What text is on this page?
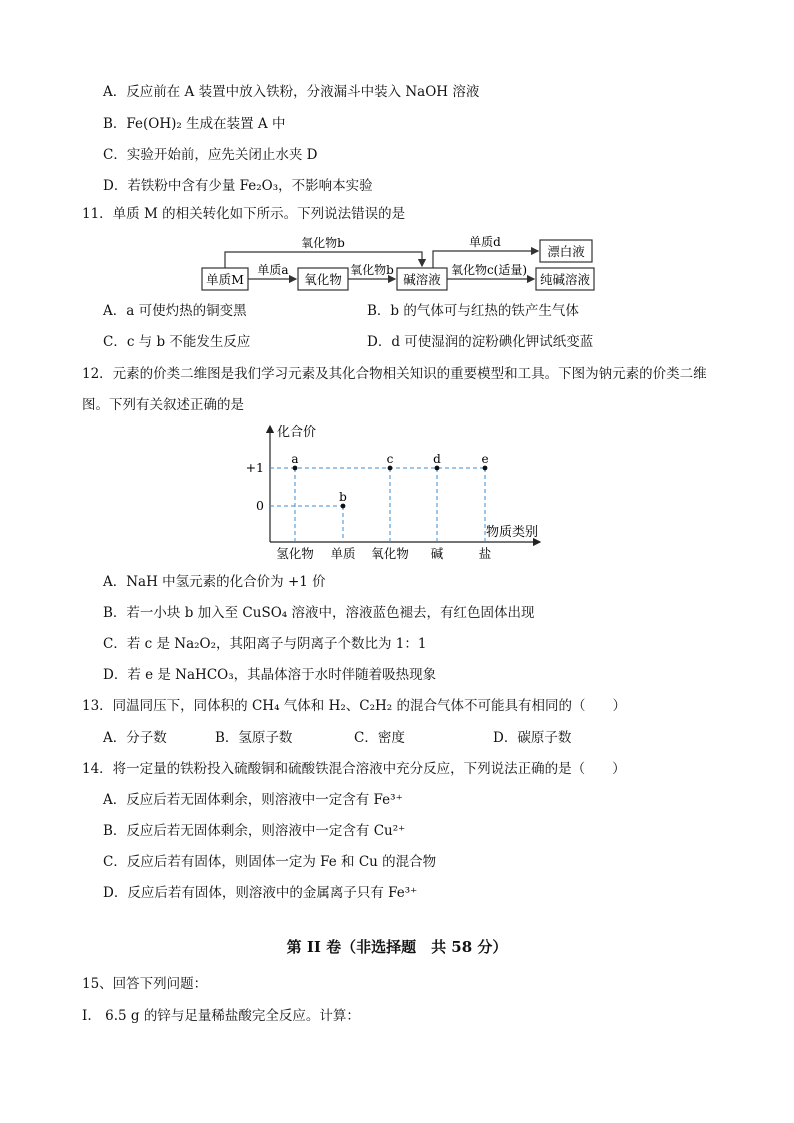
A．反应前在 A 装置中放入铁粉，分液漏斗中装入 NaOH 溶液
B．Fe(OH)₂ 生成在装置 A 中
C．实验开始前，应先关闭止水夹 D
D．若铁粉中含有少量 Fe₂O₃，不影响本实验
11．单质 M 的相关转化如下所示。下列说法错误的是
单质M	氧化物	碱溶液
漂白液
纯碱溶液
单质a	氧化物b
氧化物b	单质d
氧化物c(适量)
A．a 可使灼热的铜变黑	B．b 的气体可与红热的铁产生气体
C．c 与 b 不能发生反应	D．d 可使湿润的淀粉碘化钾试纸变蓝
12．元素的价类二维图是我们学习元素及其化合物相关知识的重要模型和工具。下图为钠元素的价类二维
图。下列有关叙述正确的是
化合价
物质类别
+1
0
氢化物 单质 氧化物 碱	盐
a
b
c	d	e
A．NaH 中氢元素的化合价为 +1 价
B．若一小块 b 加入至 CuSO₄ 溶液中，溶液蓝色褪去，有红色固体出现
C．若 c 是 Na₂O₂，其阳离子与阴离子个数比为 1：1
D．若 e 是 NaHCO₃，其晶体溶于水时伴随着吸热现象
13．同温同压下，同体积的 CH₄ 气体和 H₂、C₂H₂ 的混合气体不可能具有相同的（　　）
A．分子数	B．氢原子数	C．密度	D．碳原子数
14．将一定量的铁粉投入硫酸铜和硫酸铁混合溶液中充分反应，下列说法正确的是（　　）
A．反应后若无固体剩余，则溶液中一定含有 Fe³⁺
B．反应后若无固体剩余，则溶液中一定含有 Cu²⁺
C．反应后若有固体，则固体一定为 Fe 和 Cu 的混合物
D．反应后若有固体，则溶液中的金属离子只有 Fe³⁺
第 II 卷（非选择题　共 58 分）
15、回答下列问题：
I.　6.5 g 的锌与足量稀盐酸完全反应。计算：
